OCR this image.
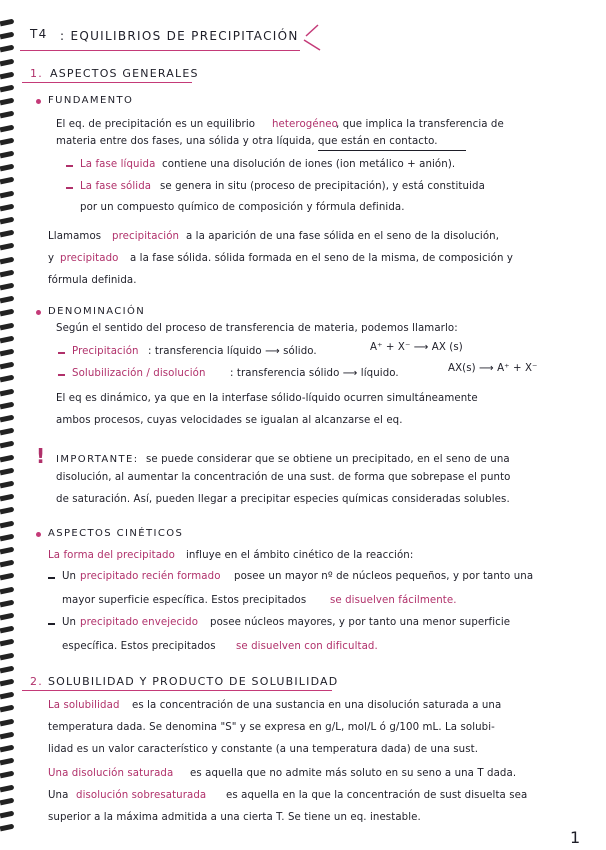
T4 : EQUILIBRIOS DE PRECIPITACIÓN
1. ASPECTOS GENERALES
FUNDAMENTO
El eq. de precipitación es un equilibrio heterogéneo
, que implica la transferencia de
materia entre dos fases, una sólida y otra líquida, que están en contacto.
La fase líquida contiene una disolución de iones (ion metálico + anión).
La fase sólida se genera in situ (proceso de precipitación), y está constituida
por un compuesto químico de composición y fórmula definida.
Llamamos precipitación a la aparición de una fase sólida en el seno de la disolución,
y precipitado a la fase sólida. sólida formada en el seno de la misma, de composición y
fórmula definida.
DENOMINACIÓN
Según el sentido del proceso de transferencia de materia, podemos llamarlo:
Precipitación : transferencia líquido ⟶ sólido.	A⁺ + X⁻ ⟶ AX (s)
Solubilización / disolución : transferencia sólido ⟶ líquido.	AX(s) ⟶ A⁺ + X⁻
El eq es dinámico, ya que en la interfase sólido-líquido ocurren simultáneamente
ambos procesos, cuyas velocidades se igualan al alcanzarse el eq.
! IMPORTANTE: se puede considerar que se obtiene un precipitado, en el seno de una
disolución, al aumentar la concentración de una sust. de forma que sobrepase el punto
de saturación. Así, pueden llegar a precipitar especies químicas consideradas solubles.
ASPECTOS CINÉTICOS
La forma del precipitado influye en el ámbito cinético de la reacción:
Un precipitado recién formado posee un mayor nº de núcleos pequeños, y por tanto una
mayor superficie específica. Estos precipitados se disuelven fácilmente.
Un precipitado envejecido posee núcleos mayores, y por tanto una menor superficie
específica. Estos precipitados se disuelven con dificultad.
2. SOLUBILIDAD Y PRODUCTO DE SOLUBILIDAD
La solubilidad es la concentración de una sustancia en una disolución saturada a una
temperatura dada. Se denomina "S" y se expresa en g/L, mol/L ó g/100 mL. La solubi-
lidad es un valor característico y constante (a una temperatura dada) de una sust.
Una disolución saturada es aquella que no admite más soluto en su seno a una T dada.
Una disolución sobresaturada es aquella en la que la concentración de sust disuelta sea
superior a la máxima admitida a una cierta T. Se tiene un eq. inestable.
1
